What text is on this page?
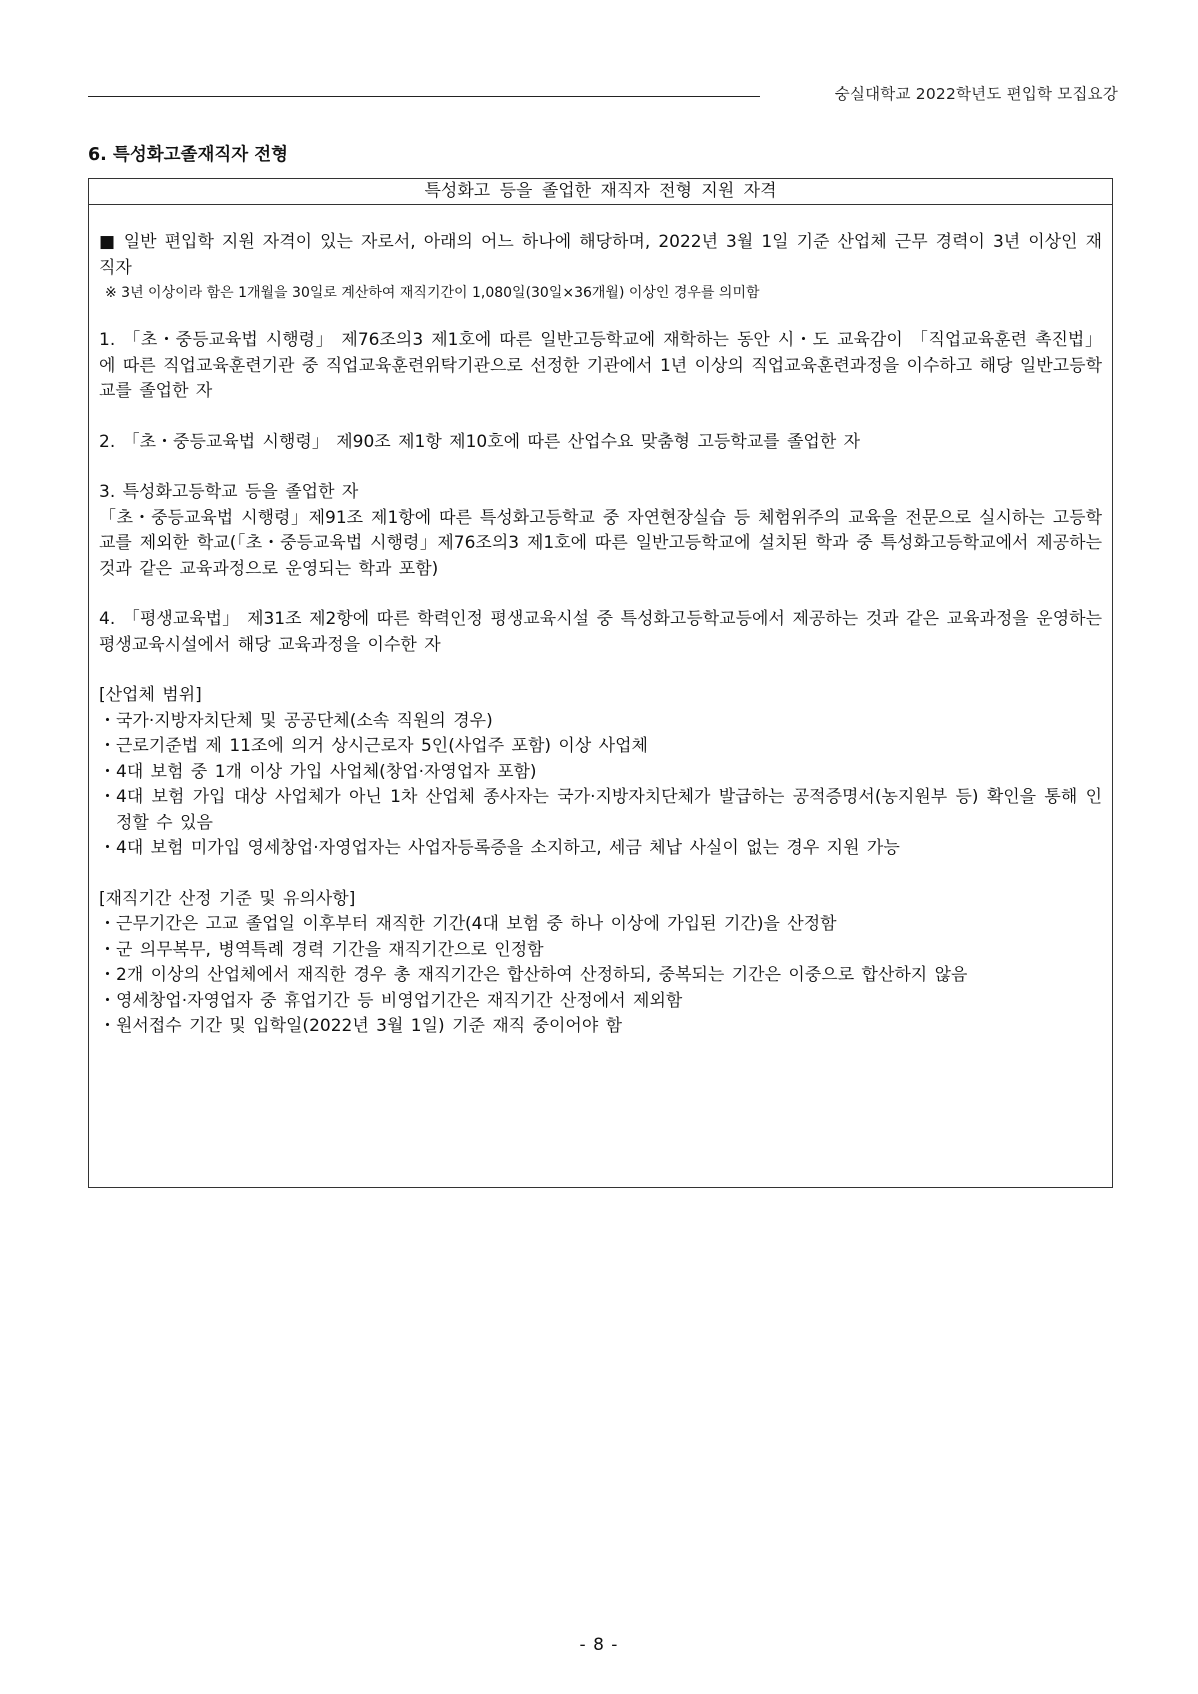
숭실대학교 2022학년도 편입학 모집요강
6. 특성화고졸재직자 전형
특성화고 등을 졸업한 재직자 전형 지원 자격

■ 일반 편입학 지원 자격이 있는 자로서, 아래의 어느 하나에 해당하며, 2022년 3월 1일 기준 산업체 근무 경력이 3년 이상인 재직자

※ 3년 이상이라 함은 1개월을 30일로 계산하여 재직기간이 1,080일(30일×36개월) 이상인 경우를 의미함

1. 「초・중등교육법 시행령」 제76조의3 제1호에 따른 일반고등학교에 재학하는 동안 시・도 교육감이 「직업교육훈련 촉진법」에 따른 직업교육훈련기관 중 직업교육훈련위탁기관으로 선정한 기관에서 1년 이상의 직업교육훈련과정을 이수하고 해당 일반고등학교를 졸업한 자

2. 「초・중등교육법 시행령」 제90조 제1항 제10호에 따른 산업수요 맞춤형 고등학교를 졸업한 자

3. 특성화고등학교 등을 졸업한 자

「초・중등교육법 시행령」제91조 제1항에 따른 특성화고등학교 중 자연현장실습 등 체험위주의 교육을 전문으로 실시하는 고등학교를 제외한 학교(「초・중등교육법 시행령」제76조의3 제1호에 따른 일반고등학교에 설치된 학과 중 특성화고등학교에서 제공하는 것과 같은 교육과정으로 운영되는 학과 포함)

4. 「평생교육법」 제31조 제2항에 따른 학력인정 평생교육시설 중 특성화고등학교등에서 제공하는 것과 같은 교육과정을 운영하는 평생교육시설에서 해당 교육과정을 이수한 자

[산업체 범위]

・ 국가·지방자치단체 및 공공단체(소속 직원의 경우)
・ 근로기준법 제 11조에 의거 상시근로자 5인(사업주 포함) 이상 사업체
・ 4대 보험 중 1개 이상 가입 사업체(창업·자영업자 포함)
・ 4대 보험 가입 대상 사업체가 아닌 1차 산업체 종사자는 국가·지방자치단체가 발급하는 공적증명서(농지원부 등) 확인을 통해 인정할 수 있음
・ 4대 보험 미가입 영세창업·자영업자는 사업자등록증을 소지하고, 세금 체납 사실이 없는 경우 지원 가능

[재직기간 산정 기준 및 유의사항]

・ 근무기간은 고교 졸업일 이후부터 재직한 기간(4대 보험 중 하나 이상에 가입된 기간)을 산정함
・ 군 의무복무, 병역특례 경력 기간을 재직기간으로 인정함
・ 2개 이상의 산업체에서 재직한 경우 총 재직기간은 합산하여 산정하되, 중복되는 기간은 이중으로 합산하지 않음
・ 영세창업·자영업자 중 휴업기간 등 비영업기간은 재직기간 산정에서 제외함
・ 원서접수 기간 및 입학일(2022년 3월 1일) 기준 재직 중이어야 함
- 8 -
